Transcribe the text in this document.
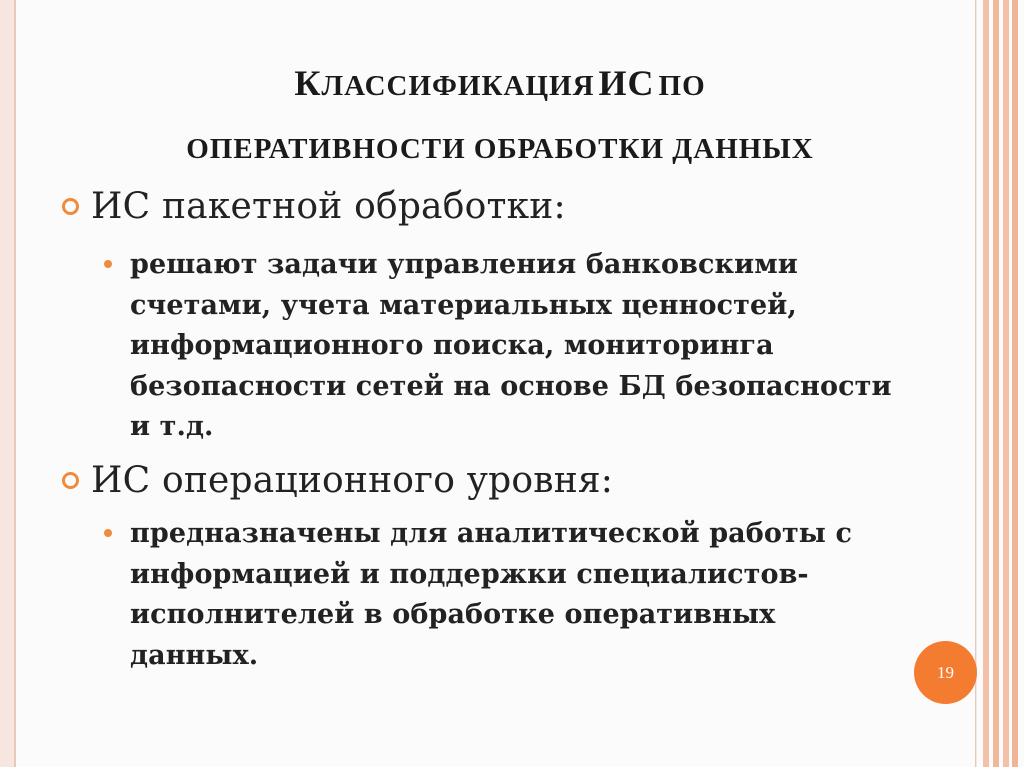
КЛАССИФИКАЦИЯ ИС ПО
ОПЕРАТИВНОСТИ ОБРАБОТКИ ДАННЫХ
ИС пакетной обработки:
решают задачи управления банковскими счетами, учета материальных ценностей, информационного поиска, мониторинга безопасности сетей на основе БД безопасности и т.д.
ИС операционного уровня:
предназначены для аналитической работы с информацией и поддержки специалистов-исполнителей в обработке оперативных данных.
19
